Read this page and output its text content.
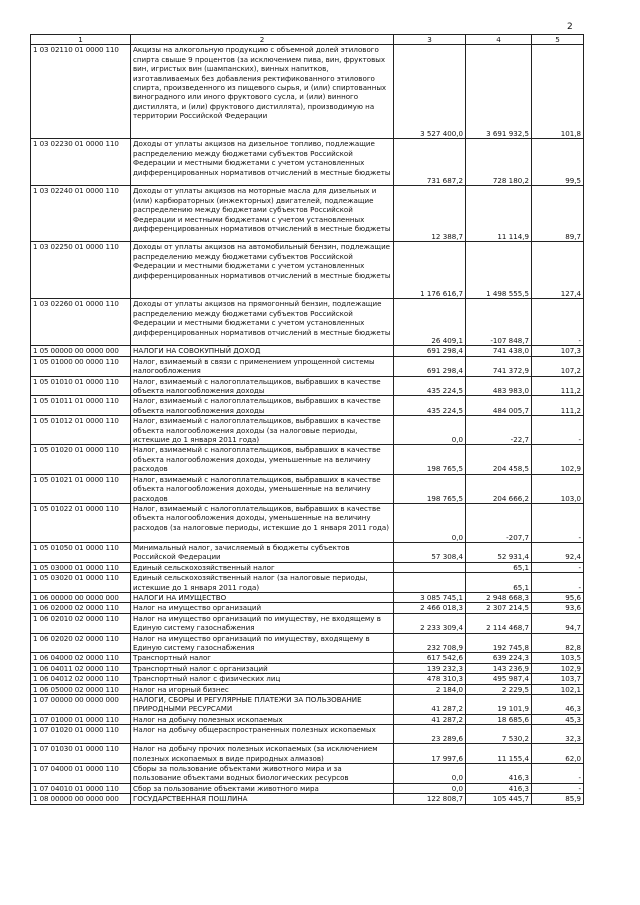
2
1	2	3	4	5
1 03 02110 01 0000 110	Акцизы на алкогольную продукцию с объемной долей этилового спирта свыше 9 процентов (за исключением пива, вин, фруктовых вин, игристых вин (шампанских), винных напитков, изготавливаемых без добавления ректификованного этилового спирта, произведенного из пищевого сырья, и (или) спиртованных виноградного или иного фруктового сусла, и (или) винного дистиллята, и (или) фруктового дистиллята), производимую на территории Российской Федерации	3 527 400,0	3 691 932,5	101,8
1 03 02230 01 0000 110	Доходы от уплаты акцизов на дизельное топливо, подлежащие распределению между бюджетами субъектов Российской Федерации и местными бюджетами с учетом установленных дифференцированных нормативов отчислений в местные бюджеты	731 687,2	728 180,2	99,5
1 03 02240 01 0000 110	Доходы от уплаты акцизов на моторные масла для дизельных и (или) карбюраторных (инжекторных) двигателей, подлежащие распределению между бюджетами субъектов Российской Федерации и местными бюджетами с учетом установленных дифференцированных нормативов отчислений в местные бюджеты	12 388,7	11 114,9	89,7
1 03 02250 01 0000 110	Доходы от уплаты акцизов на автомобильный бензин, подлежащие распределению между бюджетами субъектов Российской Федерации и местными бюджетами с учетом установленных дифференцированных нормативов отчислений в местные бюджеты	1 176 616,7	1 498 555,5	127,4
1 03 02260 01 0000 110	Доходы от уплаты акцизов на прямогонный бензин, подлежащие распределению между бюджетами субъектов Российской Федерации и местными бюджетами с учетом установленных дифференцированных нормативов отчислений в местные бюджеты	26 409,1	-107 848,7	-
1 05 00000 00 0000 000	НАЛОГИ НА СОВОКУПНЫЙ ДОХОД	691 298,4	741 438,0	107,3
1 05 01000 00 0000 110	Налог, взимаемый в связи с применением упрощенной системы налогообложения	691 298,4	741 372,9	107,2
1 05 01010 01 0000 110	Налог, взимаемый с налогоплательщиков, выбравших в качестве объекта налогообложения доходы	435 224,5	483 983,0	111,2
1 05 01011 01 0000 110	Налог, взимаемый с налогоплательщиков, выбравших в качестве объекта налогообложения доходы	435 224,5	484 005,7	111,2
1 05 01012 01 0000 110	Налог, взимаемый с налогоплательщиков, выбравших в качестве объекта налогообложения доходы (за налоговые периоды, истекшие до 1 января 2011 года)	0,0	-22,7	-
1 05 01020 01 0000 110	Налог, взимаемый с налогоплательщиков, выбравших в качестве объекта налогообложения доходы, уменьшенные на величину расходов	198 765,5	204 458,5	102,9
1 05 01021 01 0000 110	Налог, взимаемый с налогоплательщиков, выбравших в качестве объекта налогообложения доходы, уменьшенные на величину расходов	198 765,5	204 666,2	103,0
1 05 01022 01 0000 110	Налог, взимаемый с налогоплательщиков, выбравших в качестве объекта налогообложения доходы, уменьшенные на величину расходов (за налоговые периоды, истекшие до 1 января 2011 года)	0,0	-207,7	-
1 05 01050 01 0000 110	Минимальный налог, зачисляемый в бюджеты субъектов Российской Федерации	57 308,4	52 931,4	92,4
1 05 03000 01 0000 110	Единый сельскохозяйственный налог		65,1	-
1 05 03020 01 0000 110	Единый сельскохозяйственный налог (за налоговые периоды, истекшие до 1 января 2011 года)		65,1	-
1 06 00000 00 0000 000	НАЛОГИ НА ИМУЩЕСТВО	3 085 745,1	2 948 668,3	95,6
1 06 02000 02 0000 110	Налог на имущество организаций	2 466 018,3	2 307 214,5	93,6
1 06 02010 02 0000 110	Налог на имущество организаций по имуществу, не входящему в Единую систему газоснабжения	2 233 309,4	2 114 468,7	94,7
1 06 02020 02 0000 110	Налог на имущество организаций по имуществу, входящему в Единую систему газоснабжения	232 708,9	192 745,8	82,8
1 06 04000 02 0000 110	Транспортный налог	617 542,6	639 224,3	103,5
1 06 04011 02 0000 110	Транспортный налог с организаций	139 232,3	143 236,9	102,9
1 06 04012 02 0000 110	Транспортный налог с физических лиц	478 310,3	495 987,4	103,7
1 06 05000 02 0000 110	Налог на игорный бизнес	2 184,0	2 229,5	102,1
1 07 00000 00 0000 000	НАЛОГИ, СБОРЫ И РЕГУЛЯРНЫЕ ПЛАТЕЖИ ЗА ПОЛЬЗОВАНИЕ ПРИРОДНЫМИ РЕСУРСАМИ	41 287,2	19 101,9	46,3
1 07 01000 01 0000 110	Налог на добычу полезных ископаемых	41 287,2	18 685,6	45,3
1 07 01020 01 0000 110	Налог на добычу общераспространенных полезных ископаемых	23 289,6	7 530,2	32,3
1 07 01030 01 0000 110	Налог на добычу прочих полезных ископаемых (за исключением полезных ископаемых в виде природных алмазов)	17 997,6	11 155,4	62,0
1 07 04000 01 0000 110	Сборы за пользование объектами животного мира и за пользование объектами водных биологических ресурсов	0,0	416,3	-
1 07 04010 01 0000 110	Сбор за пользование объектами животного мира	0,0	416,3	-
1 08 00000 00 0000 000	ГОСУДАРСТВЕННАЯ ПОШЛИНА	122 808,7	105 445,7	85,9
